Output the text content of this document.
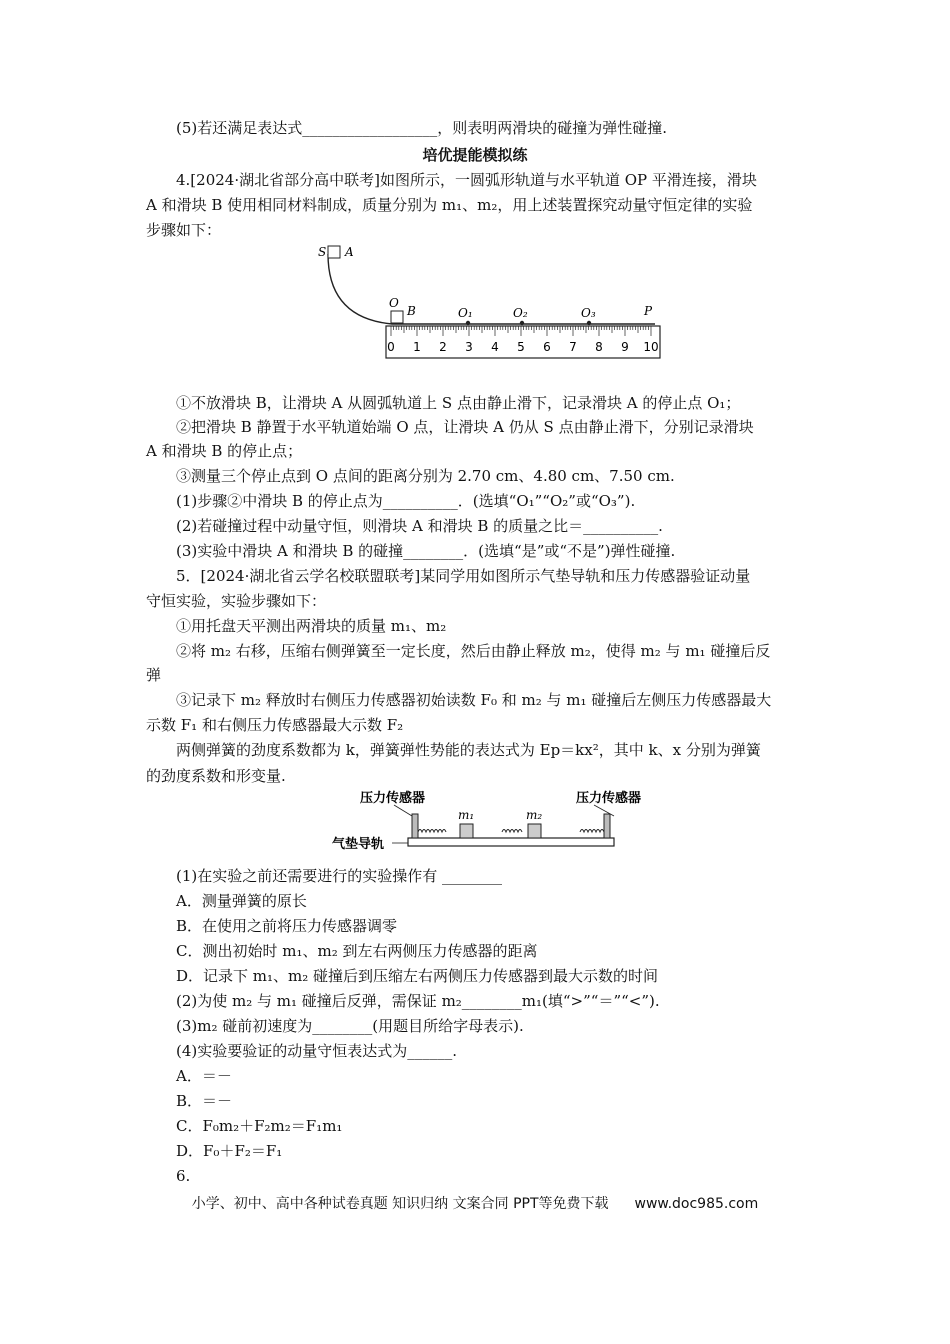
(5)若还满足表达式__________________，则表明两滑块的碰撞为弹性碰撞.
培优提能模拟练
4.[2024·湖北省部分高中联考]如图所示，一圆弧形轨道与水平轨道 OP 平滑连接，滑块
A 和滑块 B 使用相同材料制成，质量分别为 m₁、m₂，用上述装置探究动量守恒定律的实验
步骤如下：
S A
O
B	O₁	O₂	O₃	P
0 1 2 3 4 5 6 7 8 9 10
①不放滑块 B，让滑块 A 从圆弧轨道上 S 点由静止滑下，记录滑块 A 的停止点 O₁；
②把滑块 B 静置于水平轨道始端 O 点，让滑块 A 仍从 S 点由静止滑下，分别记录滑块
A 和滑块 B 的停止点；
③测量三个停止点到 O 点间的距离分别为 2.70 cm、4.80 cm、7.50 cm.
(1)步骤②中滑块 B 的停止点为__________．(选填“O₁”“O₂”或“O₃”).
(2)若碰撞过程中动量守恒，则滑块 A 和滑块 B 的质量之比＝__________.
(3)实验中滑块 A 和滑块 B 的碰撞________．(选填“是”或“不是”)弹性碰撞.
5．[2024·湖北省云学名校联盟联考]某同学用如图所示气垫导轨和压力传感器验证动量
守恒实验，实验步骤如下：
①用托盘天平测出两滑块的质量 m₁、m₂
②将 m₂ 右移，压缩右侧弹簧至一定长度，然后由静止释放 m₂，使得 m₂ 与 m₁ 碰撞后反
弹
③记录下 m₂ 释放时右侧压力传感器初始读数 F₀ 和 m₂ 与 m₁ 碰撞后左侧压力传感器最大
示数 F₁ 和右侧压力传感器最大示数 F₂
两侧弹簧的劲度系数都为 k，弹簧弹性势能的表达式为 Ep＝kx²，其中 k、x 分别为弹簧
的劲度系数和形变量.
压力传感器	压力传感器
m₁	m₂
气垫导轨
(1)在实验之前还需要进行的实验操作有 ________
A．测量弹簧的原长
B．在使用之前将压力传感器调零
C．测出初始时 m₁、m₂ 到左右两侧压力传感器的距离
D．记录下 m₁、m₂ 碰撞后到压缩左右两侧压力传感器到最大示数的时间
(2)为使 m₂ 与 m₁ 碰撞后反弹，需保证 m₂________m₁(填“>”“＝”“<”).
(3)m₂ 碰前初速度为________(用题目所给字母表示).
(4)实验要验证的动量守恒表达式为______.
A．＝－
B．＝－
C．F₀m₂＋F₂m₂＝F₁m₁
D．F₀＋F₂＝F₁
6.
小学、初中、高中各种试卷真题 知识归纳 文案合同 PPT等免费下载 www.doc985.com
